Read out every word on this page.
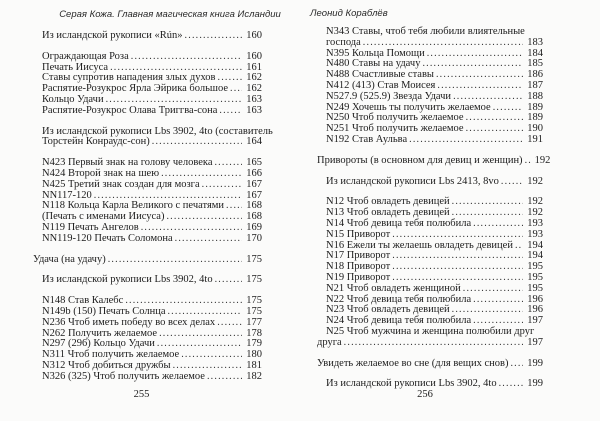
Серая Кожа. Главная магическая книга Исландии
Из исландской рукописи «Rún» .....	160
Ограждающая Роза .....	160
Печать Иисуса .....	161
Ставы супротив нападения злых духов .....	162
Распятие-Розукрос Ярла Эйрика большое ..... 162
Кольцо Удачи .....	163
Распятие-Розукрос Олава Триггва-сона .....	163
Из исландской рукописи Lbs 3902, 4to (составитель
Торстейн Конраудс-сон) .....	164
N423 Первый знак на голову человека .....	165
N424 Второй знак на шею .....	166
N425 Третий знак создан для мозга .....	167
NN117-120 .....	167
N118 Кольца Карла Великого с печатями ..... 168
(Печать с именами Иисуса) .....	168
N119 Печать Ангелов .....	169
NN119-120 Печать Соломона .....	170
Удача (на удачу) .....	175
Из исландской рукописи Lbs 3902, 4to .....	175
N148 Став Калебс .....	175
N149b (150) Печать Солнца .....	175
N236 Чтоб иметь победу во всех делах .....	177
N262 Получить желаемое .....	178
N297 (296) Кольцо Удачи .....	179
N311 Чтоб получить желаемое .....	180
N312 Чтоб добиться дружбы .....	181
N326 (325) Чтоб получить желаемое .....	182
255
Леонид Кораблёв
N343 Ставы, чтоб тебя любили влиятельные
господа .....	183
N395 Кольца Помощи .....	184
N480 Ставы на удачу .....	185
N488 Счастливые ставы .....	186
N412 (413) Став Моисея .....	187
N527.9 (525.9) Звезда Удачи .....	188
N249 Хочешь ты получить желаемое .....	189
N250 Чтоб получить желаемое .....	189
N251 Чтоб получить желаемое .....	190
N192 Став Аульва .....	191
Привороты (в основном для девиц и женщин) ..... 192
Из исландской рукописи Lbs 2413, 8vo .....	192
N12 Чтоб овладеть девицей .....	192
N13 Чтоб овладеть девицей .....	192
N14 Чтоб девица тебя полюбила .....	193
N15 Приворот .....	193
N16 Ежели ты желаешь овладеть девицей ..... 194
N17 Приворот .....	194
N18 Приворот .....	195
N19 Приворот .....	195
N21 Чтоб овладеть женщиной .....	195
N22 Чтоб девица тебя полюбила .....	196
N23 Чтоб овладеть девицей .....	196
N24 Чтоб девица тебя полюбила .....	197
N25 Чтоб мужчина и женщина полюбили друг
друга .....	197
Увидеть желаемое во сне (для вещих снов) ..... 199
Из исландской рукописи Lbs 3902, 4to .....	199
256
